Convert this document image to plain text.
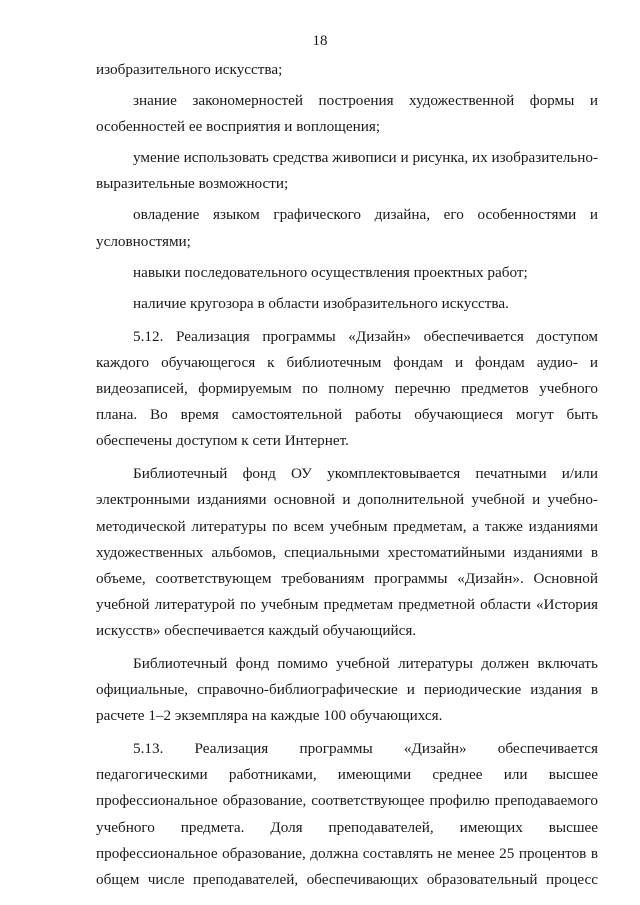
18

изобразительного искусства;

знание закономерностей построения художественной формы и особенностей ее восприятия и воплощения;

умение использовать средства живописи и рисунка, их изобразительно-выразительные возможности;

овладение языком графического дизайна, его особенностями и условностями;

навыки последовательного осуществления проектных работ;

наличие кругозора в области изобразительного искусства.

5.12. Реализация программы «Дизайн» обеспечивается доступом каждого обучающегося к библиотечным фондам и фондам аудио- и видеозаписей, формируемым по полному перечню предметов учебного плана. Во время самостоятельной работы обучающиеся могут быть обеспечены доступом к сети Интернет.

Библиотечный фонд ОУ укомплектовывается печатными и/или электронными изданиями основной и дополнительной учебной и учебно-методической литературы по всем учебным предметам, а также изданиями художественных альбомов, специальными хрестоматийными изданиями в объеме, соответствующем требованиям программы «Дизайн». Основной учебной литературой по учебным предметам предметной области «История искусств» обеспечивается каждый обучающийся.

Библиотечный фонд помимо учебной литературы должен включать официальные, справочно-библиографические и периодические издания в расчете 1–2 экземпляра на каждые 100 обучающихся.

5.13. Реализация программы «Дизайн» обеспечивается педагогическими работниками, имеющими среднее или высшее профессиональное образование, соответствующее профилю преподаваемого учебного предмета. Доля преподавателей, имеющих высшее профессиональное образование, должна составлять не менее 25 процентов в общем числе преподавателей, обеспечивающих образовательный процесс
